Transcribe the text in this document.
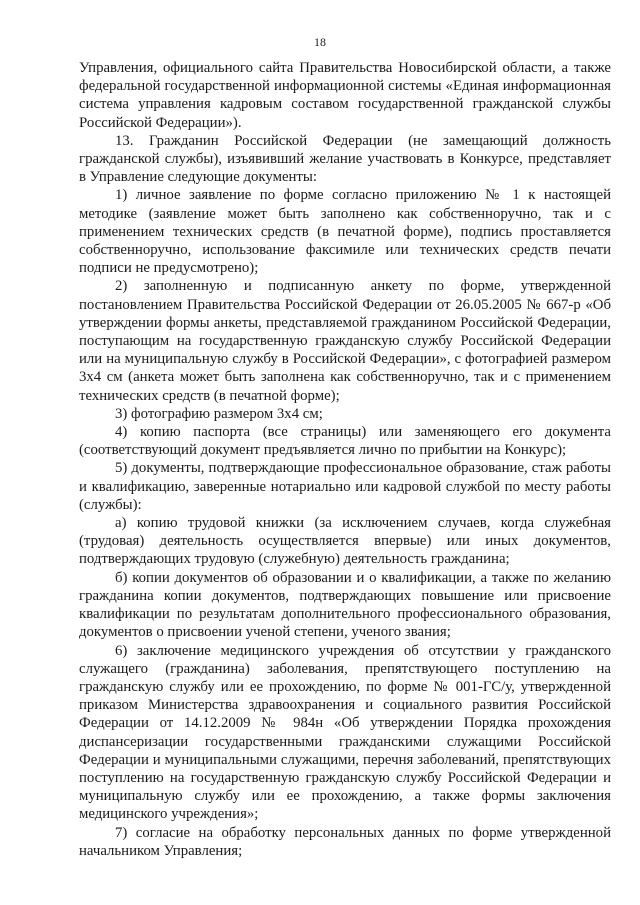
18

Управления, официального сайта Правительства Новосибирской области, а также федеральной государственной информационной системы «Единая информационная система управления кадровым составом государственной гражданской службы Российской Федерации»).

13. Гражданин Российской Федерации (не замещающий должность гражданской службы), изъявивший желание участвовать в Конкурсе, представляет в Управление следующие документы:

1) личное заявление по форме согласно приложению № 1 к настоящей методике (заявление может быть заполнено как собственноручно, так и с применением технических средств (в печатной форме), подпись проставляется собственноручно, использование факсимиле или технических средств печати подписи не предусмотрено);

2) заполненную и подписанную анкету по форме, утвержденной постановлением Правительства Российской Федерации от 26.05.2005 № 667-р «Об утверждении формы анкеты, представляемой гражданином Российской Федерации, поступающим на государственную гражданскую службу Российской Федерации или на муниципальную службу в Российской Федерации», с фотографией размером 3х4 см (анкета может быть заполнена как собственноручно, так и с применением технических средств (в печатной форме);

3) фотографию размером 3х4 см;

4) копию паспорта (все страницы) или заменяющего его документа (соответствующий документ предъявляется лично по прибытии на Конкурс);

5) документы, подтверждающие профессиональное образование, стаж работы и квалификацию, заверенные нотариально или кадровой службой по месту работы (службы):

а) копию трудовой книжки (за исключением случаев, когда служебная (трудовая) деятельность осуществляется впервые) или иных документов, подтверждающих трудовую (служебную) деятельность гражданина;

б) копии документов об образовании и о квалификации, а также по желанию гражданина копии документов, подтверждающих повышение или присвоение квалификации по результатам дополнительного профессионального образования, документов о присвоении ученой степени, ученого звания;

6) заключение медицинского учреждения об отсутствии у гражданского служащего (гражданина) заболевания, препятствующего поступлению на гражданскую службу или ее прохождению, по форме № 001-ГС/у, утвержденной приказом Министерства здравоохранения и социального развития Российской Федерации от 14.12.2009 № 984н «Об утверждении Порядка прохождения диспансеризации государственными гражданскими служащими Российской Федерации и муниципальными служащими, перечня заболеваний, препятствующих поступлению на государственную гражданскую службу Российской Федерации и муниципальную службу или ее прохождению, а также формы заключения медицинского учреждения»;

7) согласие на обработку персональных данных по форме утвержденной начальником Управления;
